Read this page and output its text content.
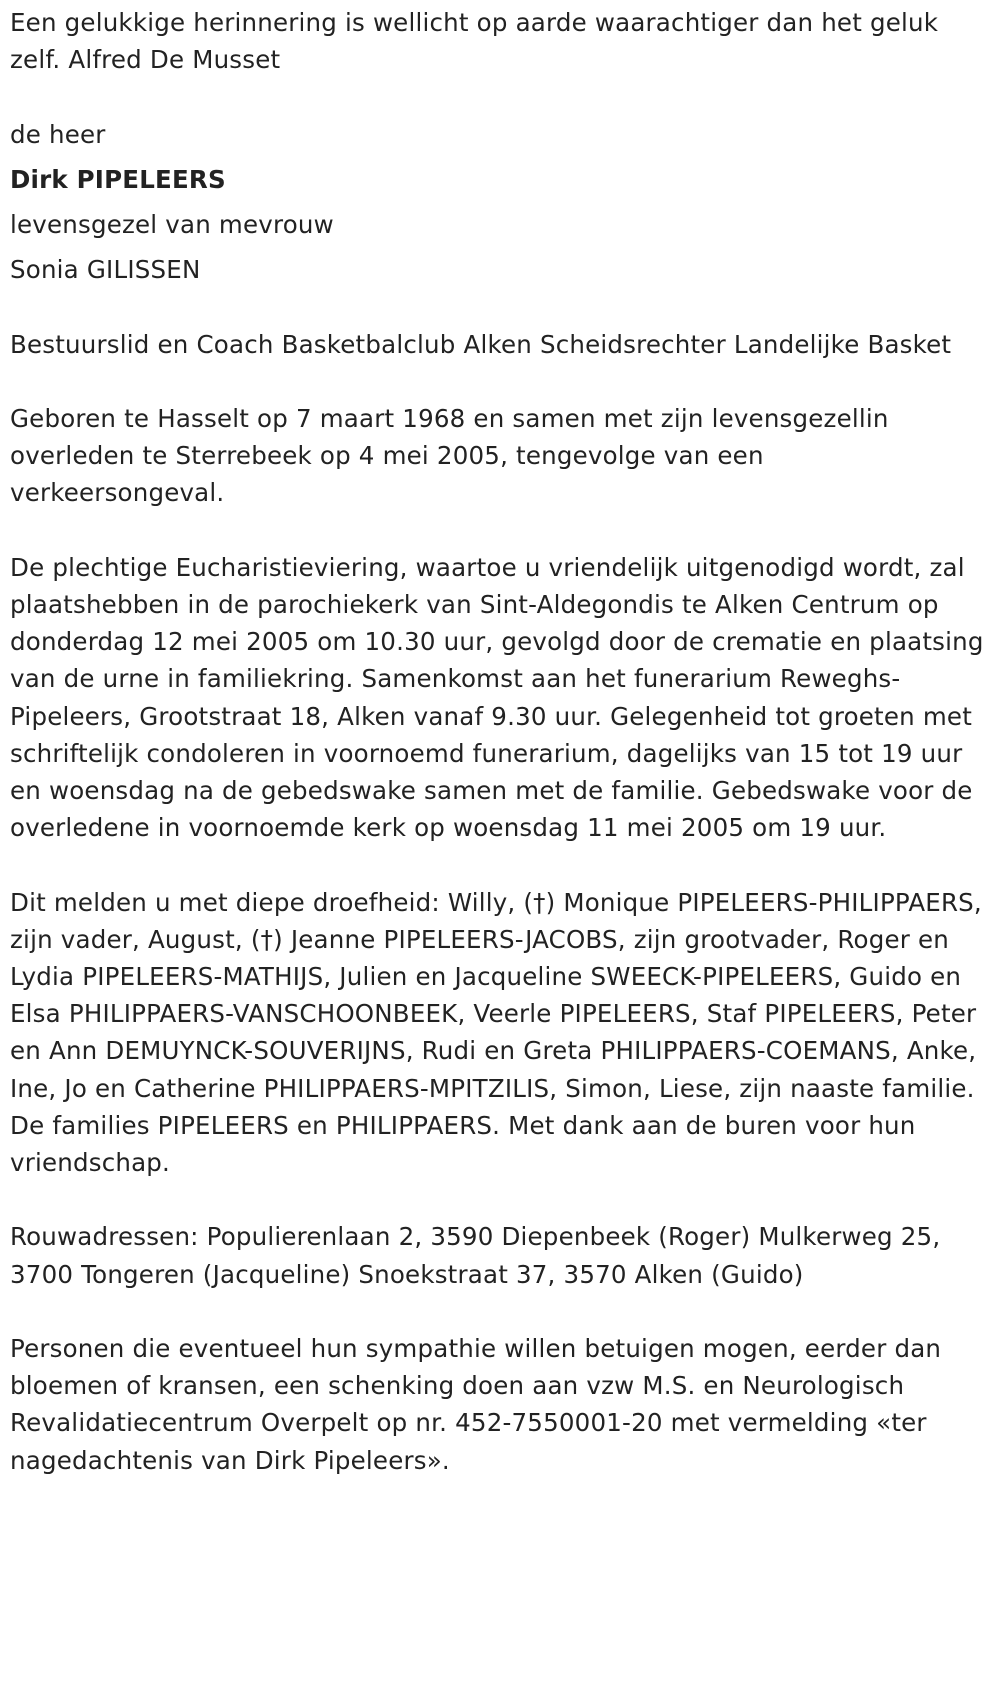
Een gelukkige herinnering is wellicht op aarde waarachtiger dan het geluk zelf. Alfred De Musset

de heer

Dirk PIPELEERS

levensgezel van mevrouw

Sonia GILISSEN

Bestuurslid en Coach Basketbalclub Alken Scheidsrechter Landelijke Basket

Geboren te Hasselt op 7 maart 1968 en samen met zijn levensgezellin overleden te Sterrebeek op 4 mei 2005, tengevolge van een verkeersongeval.

De plechtige Eucharistieviering, waartoe u vriendelijk uitgenodigd wordt, zal plaatshebben in de parochiekerk van Sint-Aldegondis te Alken Centrum op donderdag 12 mei 2005 om 10.30 uur, gevolgd door de crematie en plaatsing van de urne in familiekring. Samenkomst aan het funerarium Reweghs-Pipeleers, Grootstraat 18, Alken vanaf 9.30 uur. Gelegenheid tot groeten met schriftelijk condoleren in voornoemd funerarium, dagelijks van 15 tot 19 uur en woensdag na de gebedswake samen met de familie. Gebedswake voor de overledene in voornoemde kerk op woensdag 11 mei 2005 om 19 uur.

Dit melden u met diepe droefheid: Willy, (†) Monique PIPELEERS-PHILIPPAERS, zijn vader, August, (†) Jeanne PIPELEERS-JACOBS, zijn grootvader, Roger en Lydia PIPELEERS-MATHIJS, Julien en Jacqueline SWEECK-PIPELEERS, Guido en Elsa PHILIPPAERS-VANSCHOONBEEK, Veerle PIPELEERS, Staf PIPELEERS, Peter en Ann DEMUYNCK-SOUVERIJNS, Rudi en Greta PHILIPPAERS-COEMANS, Anke, Ine, Jo en Catherine PHILIPPAERS-MPITZILIS, Simon, Liese, zijn naaste familie. De families PIPELEERS en PHILIPPAERS. Met dank aan de buren voor hun vriendschap.

Rouwadressen: Populierenlaan 2, 3590 Diepenbeek (Roger) Mulkerweg 25, 3700 Tongeren (Jacqueline) Snoekstraat 37, 3570 Alken (Guido)

Personen die eventueel hun sympathie willen betuigen mogen, eerder dan bloemen of kransen, een schenking doen aan vzw M.S. en Neurologisch Revalidatiecentrum Overpelt op nr. 452-7550001-20 met vermelding «ter nagedachtenis van Dirk Pipeleers».
